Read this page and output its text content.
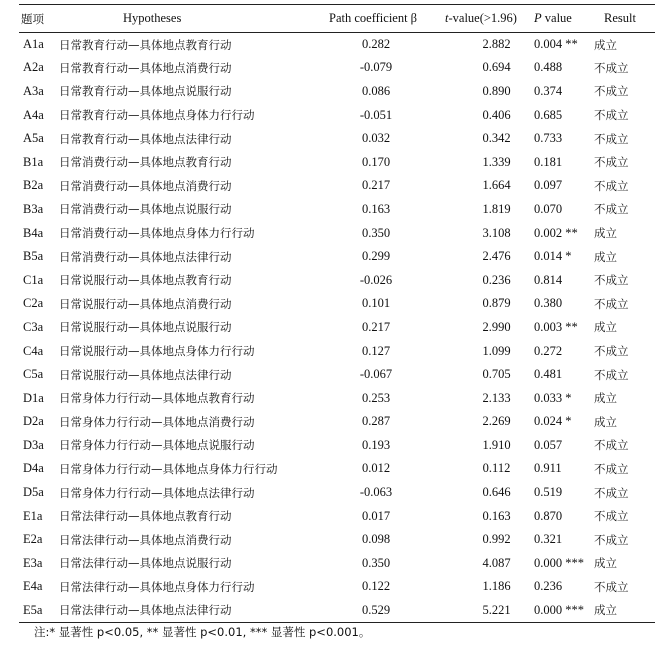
题项	Hypotheses	Path coefficient β	t-value(>1.96)	P value	Result
A1a	日常教育行动—具体地点教育行动	0.282	2.882	0.004 **	成立
A2a	日常教育行动—具体地点消费行动	-0.079	0.694	0.488	不成立
A3a	日常教育行动—具体地点说服行动	0.086	0.890	0.374	不成立
A4a	日常教育行动—具体地点身体力行行动	-0.051	0.406	0.685	不成立
A5a	日常教育行动—具体地点法律行动	0.032	0.342	0.733	不成立
B1a	日常消费行动—具体地点教育行动	0.170	1.339	0.181	不成立
B2a	日常消费行动—具体地点消费行动	0.217	1.664	0.097	不成立
B3a	日常消费行动—具体地点说服行动	0.163	1.819	0.070	不成立
B4a	日常消费行动—具体地点身体力行行动	0.350	3.108	0.002 **	成立
B5a	日常消费行动—具体地点法律行动	0.299	2.476	0.014 *	成立
C1a	日常说服行动—具体地点教育行动	-0.026	0.236	0.814	不成立
C2a	日常说服行动—具体地点消费行动	0.101	0.879	0.380	不成立
C3a	日常说服行动—具体地点说服行动	0.217	2.990	0.003 **	成立
C4a	日常说服行动—具体地点身体力行行动	0.127	1.099	0.272	不成立
C5a	日常说服行动—具体地点法律行动	-0.067	0.705	0.481	不成立
D1a	日常身体力行行动—具体地点教育行动	0.253	2.133	0.033 *	成立
D2a	日常身体力行行动—具体地点消费行动	0.287	2.269	0.024 *	成立
D3a	日常身体力行行动—具体地点说服行动	0.193	1.910	0.057	不成立
D4a	日常身体力行行动—具体地点身体力行行动	0.012	0.112	0.911	不成立
D5a	日常身体力行行动—具体地点法律行动	-0.063	0.646	0.519	不成立
E1a	日常法律行动—具体地点教育行动	0.017	0.163	0.870	不成立
E2a	日常法律行动—具体地点消费行动	0.098	0.992	0.321	不成立
E3a	日常法律行动—具体地点说服行动	0.350	4.087	0.000 ***	成立
E4a	日常法律行动—具体地点身体力行行动	0.122	1.186	0.236	不成立
E5a	日常法律行动—具体地点法律行动	0.529	5.221	0.000 ***	成立
注:* 显著性 p<0.05, ** 显著性 p<0.01, *** 显著性 p<0.001。
